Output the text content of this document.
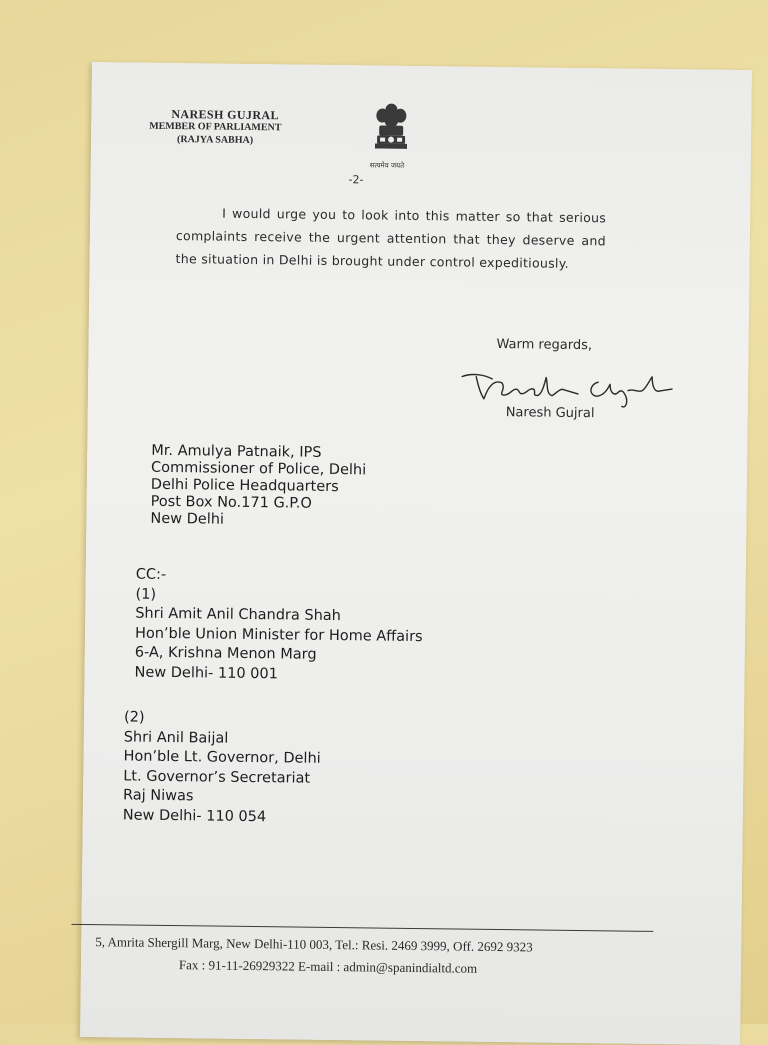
NARESH GUJRAL
MEMBER OF PARLIAMENT
(RAJYA SABHA)
सत्यमेव जयते
-2-
I would urge you to look into this matter so that serious complaints receive the urgent attention that they deserve and the situation in Delhi is brought under control expeditiously.
Warm regards,
Naresh Gujral
Mr. Amulya Patnaik, IPS
Commissioner of Police, Delhi
Delhi Police Headquarters
Post Box No.171 G.P.O
New Delhi
CC:-
(1)
Shri Amit Anil Chandra Shah
Hon’ble Union Minister for Home Affairs
6-A, Krishna Menon Marg
New Delhi- 110 001
(2)
Shri Anil Baijal
Hon’ble Lt. Governor, Delhi
Lt. Governor’s Secretariat
Raj Niwas
New Delhi- 110 054
5, Amrita Shergill Marg, New Delhi-110 003, Tel.: Resi. 2469 3999, Off. 2692 9323
Fax : 91-11-26929322 E-mail : admin@spanindialtd.com
